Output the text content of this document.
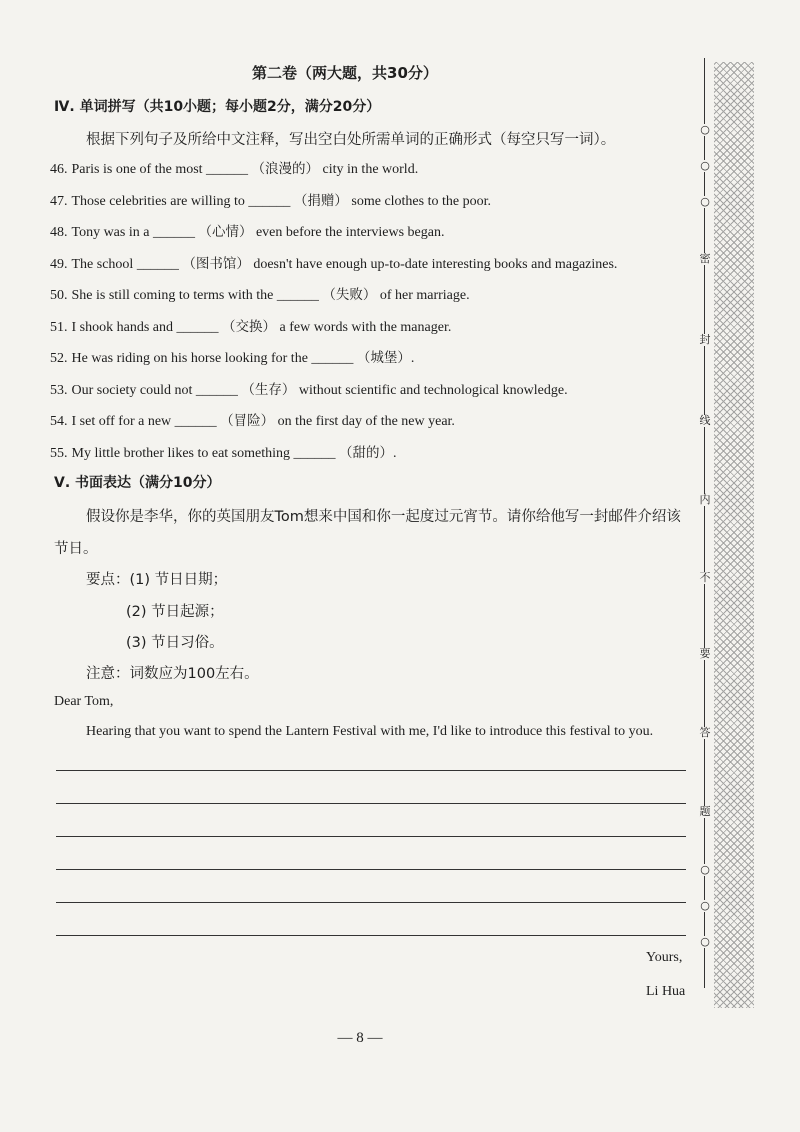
第二卷（两大题，共30分）
Ⅳ. 单词拼写（共10小题；每小题2分，满分20分）
根据下列句子及所给中文注释，写出空白处所需单词的正确形式（每空只写一词）。
46. Paris is one of the most ______ （浪漫的） city in the world.
47. Those celebrities are willing to ______ （捐赠） some clothes to the poor.
48. Tony was in a ______ （心情） even before the interviews began.
49. The school ______ （图书馆） doesn't have enough up-to-date interesting books and magazines.
50. She is still coming to terms with the ______ （失败） of her marriage.
51. I shook hands and ______ （交换） a few words with the manager.
52. He was riding on his horse looking for the ______ （城堡）.
53. Our society could not ______ （生存） without scientific and technological knowledge.
54. I set off for a new ______ （冒险） on the first day of the new year.
55. My little brother likes to eat something ______ （甜的）.
Ⅴ. 书面表达（满分10分）
假设你是李华，你的英国朋友Tom想来中国和你一起度过元宵节。请你给他写一封邮件介绍该
节日。
要点：(1) 节日日期；
(2) 节日起源；
(3) 节日习俗。
注意：词数应为100左右。
Dear Tom,
Hearing that you want to spend the Lantern Festival with me, I'd like to introduce this festival to you.
Yours,
Li Hua
— 8 —
○
○
○
密
封
线
内
不
要
答
题
○
○
○
